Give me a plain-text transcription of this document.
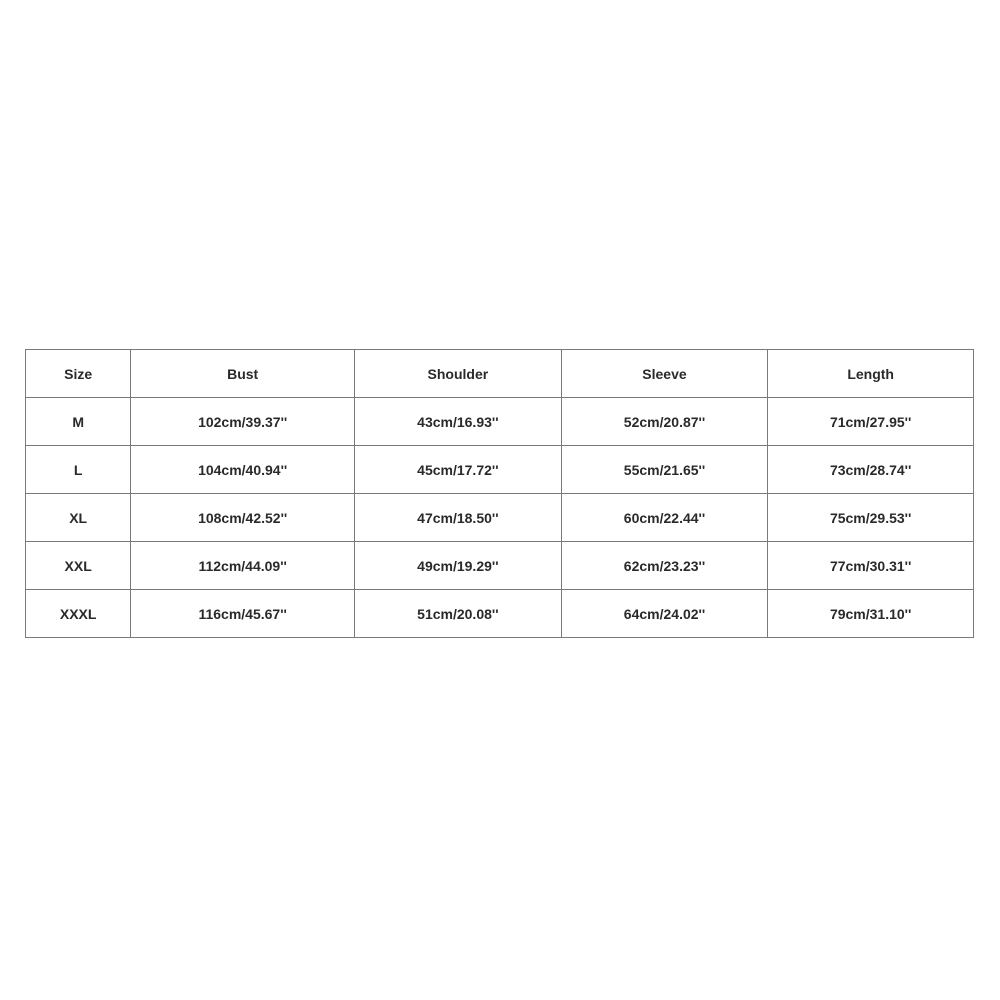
Size	Bust	Shoulder	Sleeve	Length
M	102cm/39.37''	43cm/16.93''	52cm/20.87''	71cm/27.95''
L	104cm/40.94''	45cm/17.72''	55cm/21.65''	73cm/28.74''
XL	108cm/42.52''	47cm/18.50''	60cm/22.44''	75cm/29.53''
XXL	112cm/44.09''	49cm/19.29''	62cm/23.23''	77cm/30.31''
XXXL	116cm/45.67''	51cm/20.08''	64cm/24.02''	79cm/31.10''
